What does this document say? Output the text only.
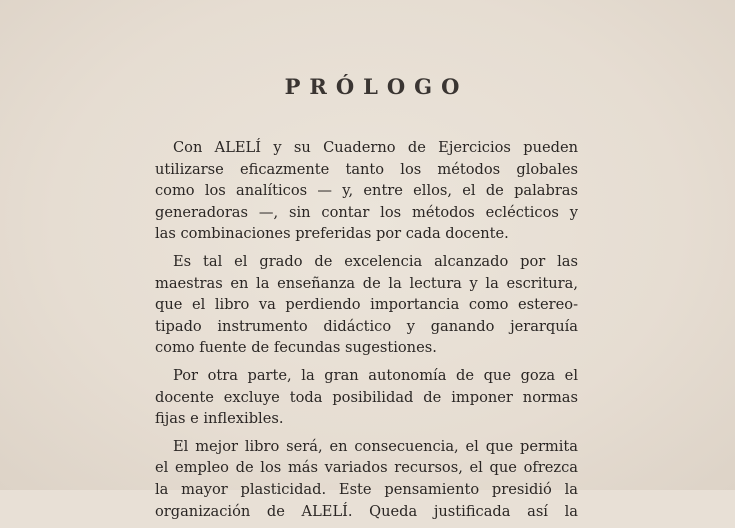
PRÓLOGO

Con ALELÍ y su Cuaderno de Ejercicios pueden
utilizarse eficazmente tanto los métodos globales
como los analíticos — y, entre ellos, el de palabras
generadoras —, sin contar los métodos eclécticos y
las combinaciones preferidas por cada docente.

Es tal el grado de excelencia alcanzado por las
maestras en la enseñanza de la lectura y la escritura,
que el libro va perdiendo importancia como estereo-
tipado instrumento didáctico y ganando jerarquía
como fuente de fecundas sugestiones.

Por otra parte, la gran autonomía de que goza el
docente excluye toda posibilidad de imponer normas
fijas e inflexibles.

El mejor libro será, en consecuencia, el que permita
el empleo de los más variados recursos, el que ofrezca
la mayor plasticidad. Este pensamiento presidió la
organización de ALELÍ. Queda justificada así la
